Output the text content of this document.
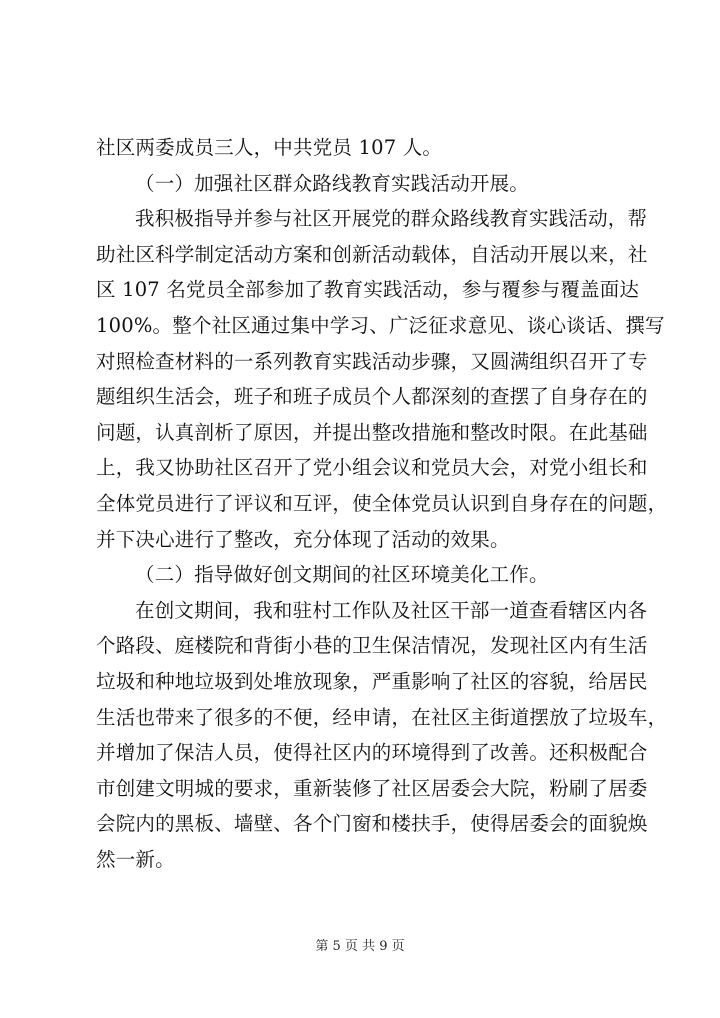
社区两委成员三人，中共党员 107 人。
（一）加强社区群众路线教育实践活动开展。
我积极指导并参与社区开展党的群众路线教育实践活动，帮
助社区科学制定活动方案和创新活动载体，自活动开展以来，社
区 107 名党员全部参加了教育实践活动，参与覆参与覆盖面达
100%。整个社区通过集中学习、广泛征求意见、谈心谈话、撰写
对照检查材料的一系列教育实践活动步骤，又圆满组织召开了专
题组织生活会，班子和班子成员个人都深刻的查摆了自身存在的
问题，认真剖析了原因，并提出整改措施和整改时限。在此基础
上，我又协助社区召开了党小组会议和党员大会，对党小组长和
全体党员进行了评议和互评，使全体党员认识到自身存在的问题，
并下决心进行了整改，充分体现了活动的效果。
（二）指导做好创文期间的社区环境美化工作。
在创文期间，我和驻村工作队及社区干部一道查看辖区内各
个路段、庭楼院和背街小巷的卫生保洁情况，发现社区内有生活
垃圾和种地垃圾到处堆放现象，严重影响了社区的容貌，给居民
生活也带来了很多的不便，经申请，在社区主街道摆放了垃圾车，
并增加了保洁人员，使得社区内的环境得到了改善。还积极配合
市创建文明城的要求，重新装修了社区居委会大院，粉刷了居委
会院内的黑板、墙壁、各个门窗和楼扶手，使得居委会的面貌焕
然一新。
第 5 页 共 9 页
